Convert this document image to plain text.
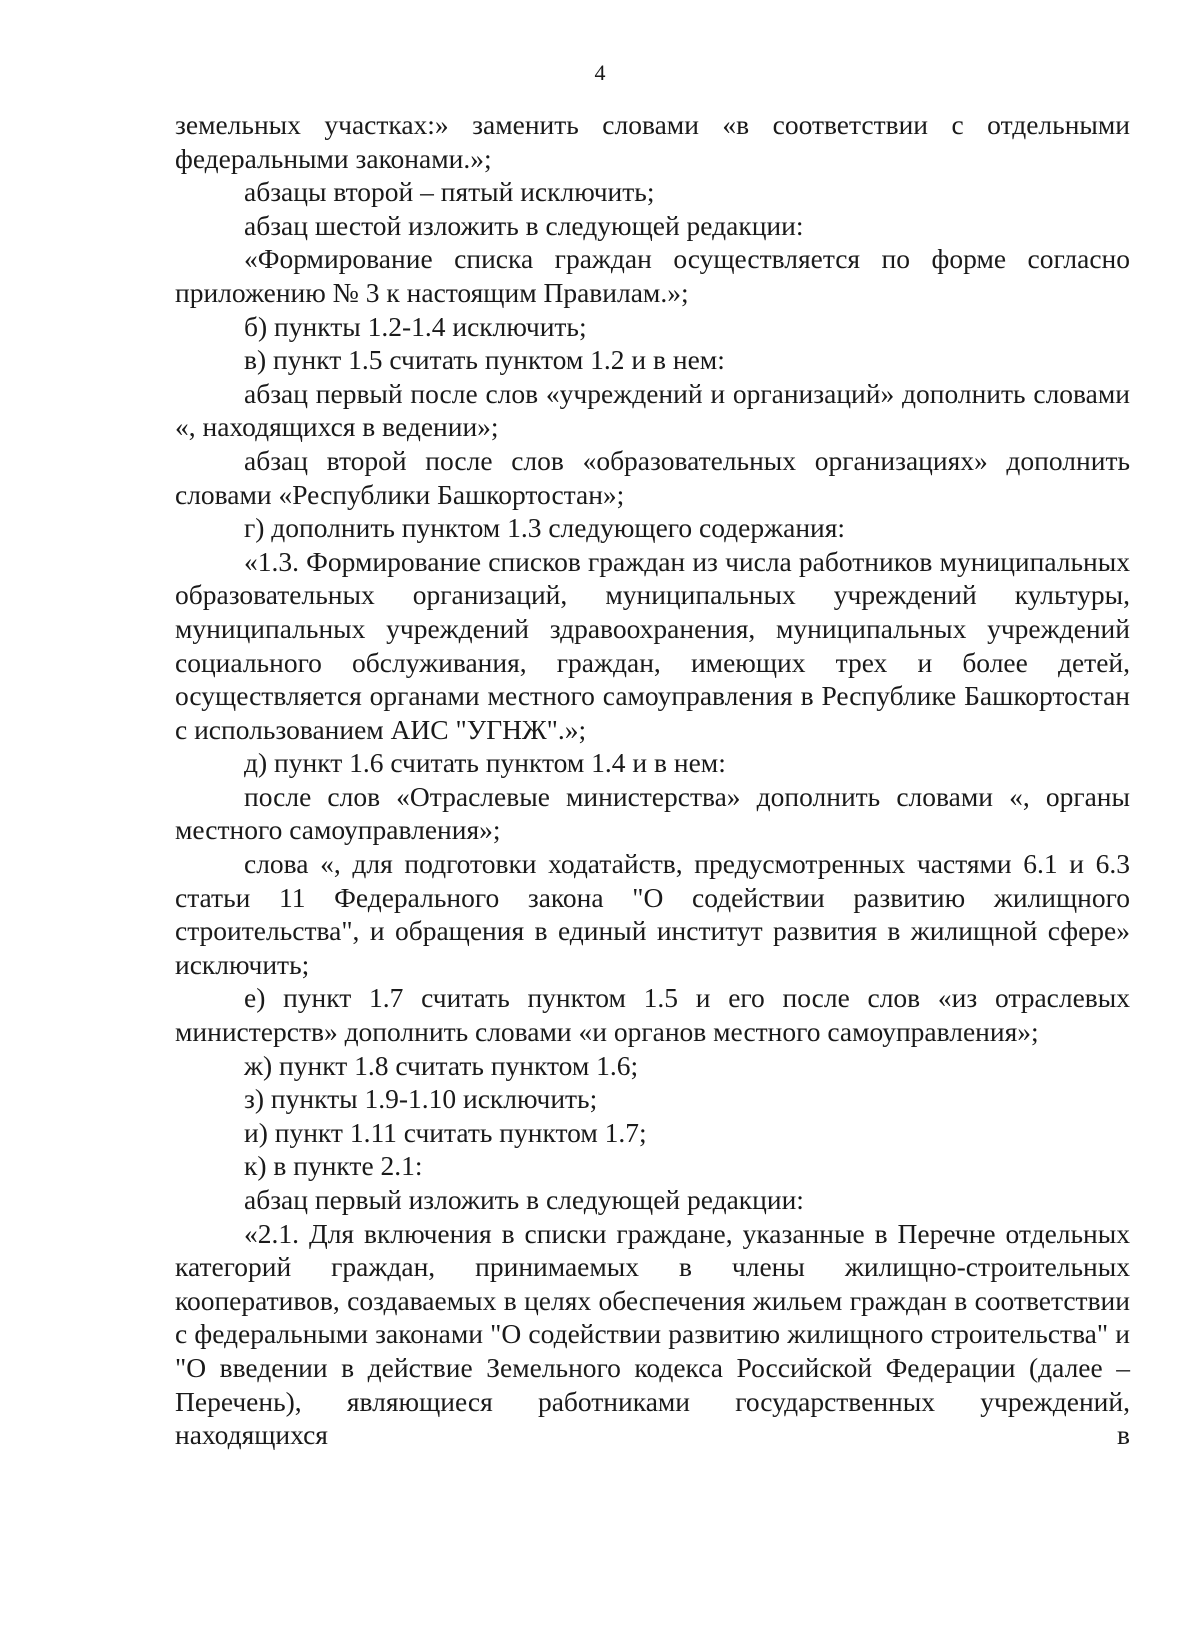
4

земельных участках:» заменить словами «в соответствии с отдельными федеральными законами.»;

абзацы второй – пятый исключить;

абзац шестой изложить в следующей редакции:

«Формирование списка граждан осуществляется по форме согласно приложению № 3 к настоящим Правилам.»;

б) пункты 1.2-1.4 исключить;

в) пункт 1.5 считать пунктом 1.2 и в нем:

абзац первый после слов «учреждений и организаций» дополнить словами «, находящихся в ведении»;

абзац второй после слов «образовательных организациях» дополнить словами «Республики Башкортостан»;

г) дополнить пунктом 1.3 следующего содержания:

«1.3. Формирование списков граждан из числа работников муниципальных образовательных организаций, муниципальных учреждений культуры, муниципальных учреждений здравоохранения, муниципальных учреждений социального обслуживания, граждан, имеющих трех и более детей, осуществляется органами местного самоуправления в Республике Башкортостан с использованием АИС "УГНЖ".»;

д) пункт 1.6 считать пунктом 1.4 и в нем:

после слов «Отраслевые министерства» дополнить словами «, органы местного самоуправления»;

слова «, для подготовки ходатайств, предусмотренных частями 6.1 и 6.3 статьи 11 Федерального закона "О содействии развитию жилищного строительства", и обращения в единый институт развития в жилищной сфере» исключить;

е) пункт 1.7 считать пунктом 1.5 и его после слов «из отраслевых министерств» дополнить словами «и органов местного самоуправления»;

ж) пункт 1.8 считать пунктом 1.6;

з) пункты 1.9-1.10 исключить;

и) пункт 1.11 считать пунктом 1.7;

к) в пункте 2.1:

абзац первый изложить в следующей редакции:

«2.1. Для включения в списки граждане, указанные в Перечне отдельных категорий граждан, принимаемых в члены жилищно-строительных кооперативов, создаваемых в целях обеспечения жильем граждан в соответствии с федеральными законами "О содействии развитию жилищного строительства" и "О введении в действие Земельного кодекса Российской Федерации (далее – Перечень), являющиеся работниками государственных учреждений, находящихся в
